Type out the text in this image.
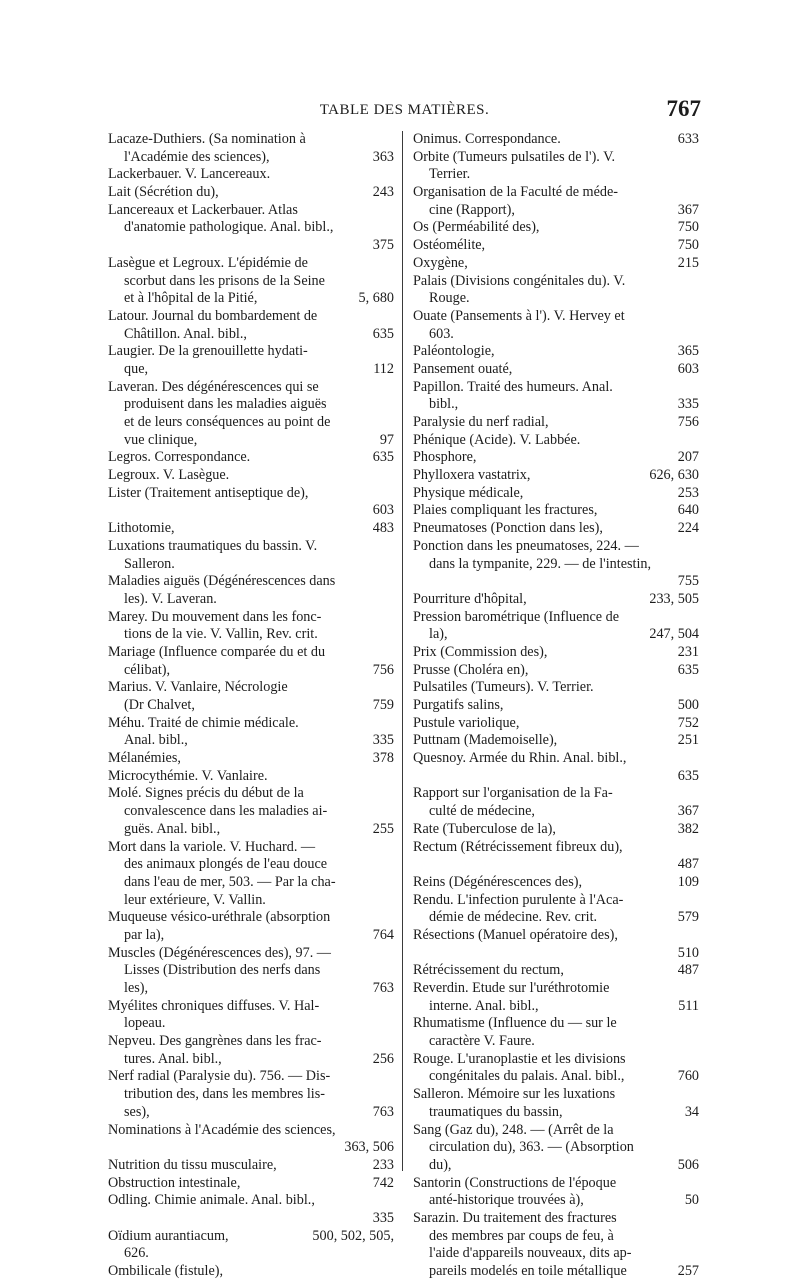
TABLE DES MATIÈRES.	767
Lacaze-Duthiers. (Sa nomination à
l'Académie des sciences),	363
Lackerbauer. V. Lancereaux.
Lait (Sécrétion du),	243
Lancereaux et Lackerbauer. Atlas
d'anatomie pathologique. Anal. bibl.,
375
Lasègue et Legroux. L'épidémie de
scorbut dans les prisons de la Seine
et à l'hôpital de la Pitié,	5, 680
Latour. Journal du bombardement de
Châtillon. Anal. bibl.,	635
Laugier. De la grenouillette hydati-
que,	112
Laveran. Des dégénérescences qui se
produisent dans les maladies aiguës
et de leurs conséquences au point de
vue clinique,	97
Legros. Correspondance.	635
Legroux. V. Lasègue.
Lister (Traitement antiseptique de),
603
Lithotomie,	483
Luxations traumatiques du bassin. V.
Salleron.
Maladies aiguës (Dégénérescences dans
les). V. Laveran.
Marey. Du mouvement dans les fonc-
tions de la vie. V. Vallin, Rev. crit.
Mariage (Influence comparée du et du
célibat),	756
Marius. V. Vanlaire, Nécrologie
(Dr Chalvet,	759
Méhu. Traité de chimie médicale.
Anal. bibl.,	335
Mélanémies,	378
Microcythémie. V. Vanlaire.
Molé. Signes précis du début de la
convalescence dans les maladies ai-
guës. Anal. bibl.,	255
Mort dans la variole. V. Huchard. —
des animaux plongés de l'eau douce
dans l'eau de mer, 503. — Par la cha-
leur extérieure, V. Vallin.
Muqueuse vésico-uréthrale (absorption
par la),	764
Muscles (Dégénérescences des), 97. —
Lisses (Distribution des nerfs dans
les),	763
Myélites chroniques diffuses. V. Hal-
lopeau.
Nepveu. Des gangrènes dans les frac-
tures. Anal. bibl.,	256
Nerf radial (Paralysie du). 756. — Dis-
tribution des, dans les membres lis-
ses),	763
Nominations à l'Académie des sciences,
363, 506
Nutrition du tissu musculaire,	233
Obstruction intestinale,	742
Odling. Chimie animale. Anal. bibl.,
335
Oïdium aurantiacum,	500, 502, 505,
626.
Ombilicale (fistule),
Onimus. Correspondance.	633
Orbite (Tumeurs pulsatiles de l'). V.
Terrier.
Organisation de la Faculté de méde-
cine (Rapport),	367
Os (Perméabilité des),	750
Ostéomélite,	750
Oxygène,	215
Palais (Divisions congénitales du). V.
Rouge.
Ouate (Pansements à l'). V. Hervey et
603.
Paléontologie,	365
Pansement ouaté,	603
Papillon. Traité des humeurs. Anal.
bibl.,	335
Paralysie du nerf radial,	756
Phénique (Acide). V. Labbée.
Phosphore,	207
Phylloxera vastatrix,	626, 630
Physique médicale,	253
Plaies compliquant les fractures,	640
Pneumatoses (Ponction dans les),	224
Ponction dans les pneumatoses, 224. —
dans la tympanite, 229. — de l'intestin,
755
Pourriture d'hôpital,	233, 505
Pression barométrique (Influence de
la),	247, 504
Prix (Commission des),	231
Prusse (Choléra en),	635
Pulsatiles (Tumeurs). V. Terrier.
Purgatifs salins,	500
Pustule variolique,	752
Puttnam (Mademoiselle),	251
Quesnoy. Armée du Rhin. Anal. bibl.,
635
Rapport sur l'organisation de la Fa-
culté de médecine,	367
Rate (Tuberculose de la),	382
Rectum (Rétrécissement fibreux du),
487
Reins (Dégénérescences des),	109
Rendu. L'infection purulente à l'Aca-
démie de médecine. Rev. crit.	579
Résections (Manuel opératoire des),
510
Rétrécissement du rectum,	487
Reverdin. Etude sur l'uréthrotomie
interne. Anal. bibl.,	511
Rhumatisme (Influence du — sur le
caractère V. Faure.
Rouge. L'uranoplastie et les divisions
congénitales du palais. Anal. bibl.,	760
Salleron. Mémoire sur les luxations
traumatiques du bassin,	34
Sang (Gaz du), 248. — (Arrêt de la
circulation du), 363. — (Absorption
du),	506
Santorin (Constructions de l'époque
anté-historique trouvées à),	50
Sarazin. Du traitement des fractures
des membres par coups de feu, à
l'aide d'appareils nouveaux, dits ap-
pareils modelés en toile métallique	257
